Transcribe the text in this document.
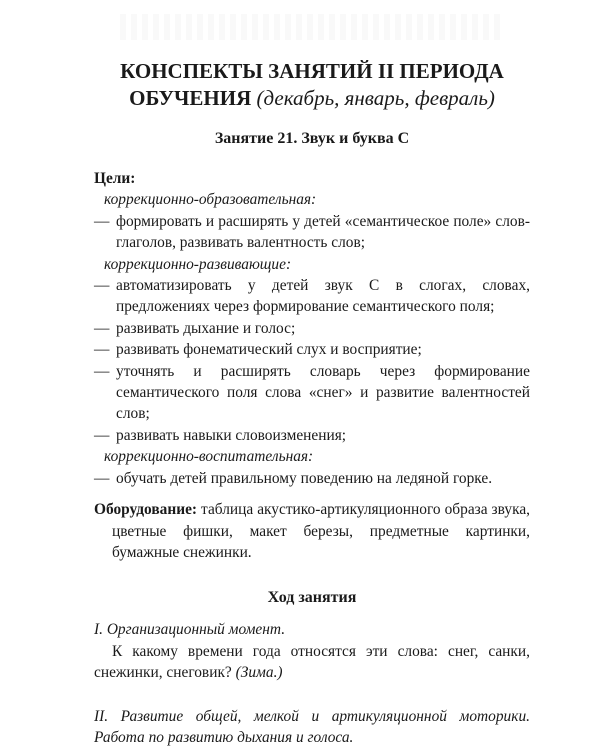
КОНСПЕКТЫ ЗАНЯТИЙ II ПЕРИОДА
ОБУЧЕНИЯ (декабрь, январь, февраль)
Занятие 21. Звук и буква С
Цели:
коррекционно-образовательная:
— формировать и расширять у детей «семантическое поле» слов-глаголов, развивать валентность слов;
коррекционно-развивающие:
— автоматизировать у детей звук С в слогах, словах, предложениях через формирование семантического поля;
— развивать дыхание и голос;
— развивать фонематический слух и восприятие;
— уточнять и расширять словарь через формирование семантического поля слова «снег» и развитие валентностей слов;
— развивать навыки словоизменения;
коррекционно-воспитательная:
— обучать детей правильному поведению на ледяной горке.
Оборудование: таблица акустико-артикуляционного образа звука, цветные фишки, макет березы, предметные картинки, бумажные снежинки.
Ход занятия
I. Организационный момент.
К какому времени года относятся эти слова: снег, санки, снежинки, снеговик? (Зима.)
II. Развитие общей, мелкой и артикуляционной моторики. Работа по развитию дыхания и голоса.
